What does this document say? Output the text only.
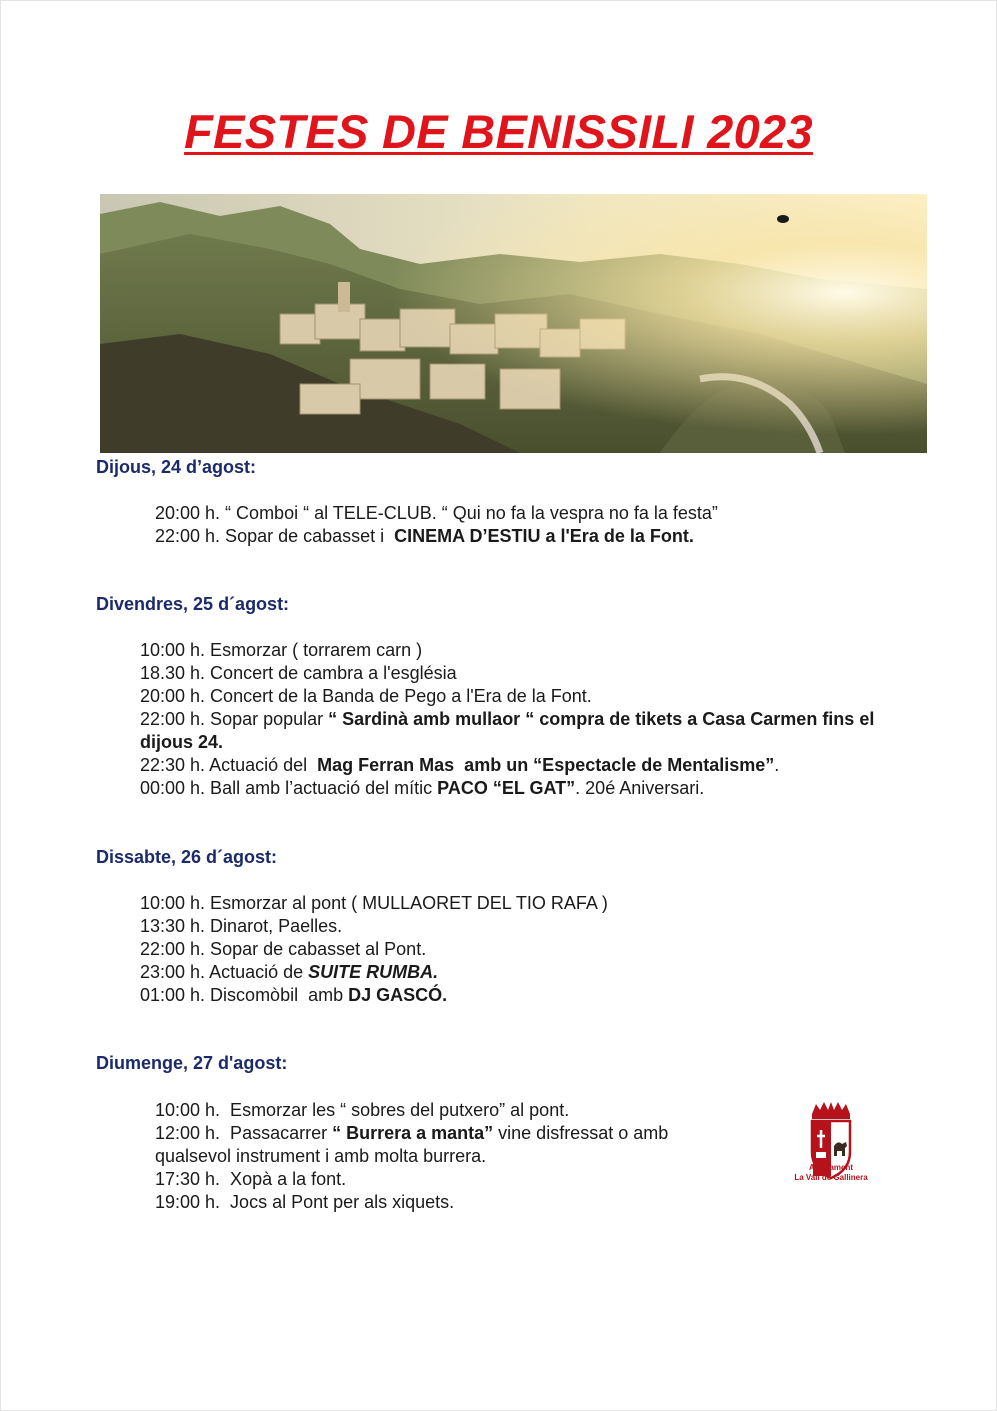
FESTES DE BENISSILI 2023
Dijous, 24 d’agost:
20:00 h. “ Comboi “ al TELE-CLUB. “ Qui no fa la vespra no fa la festa”
22:00 h. Sopar de cabasset i  CINEMA D’ESTIU a l'Era de la Font.
Divendres, 25 d´agost:
10:00 h. Esmorzar ( torrarem carn )
18.30 h. Concert de cambra a l'església
20:00 h. Concert de la Banda de Pego a l'Era de la Font.
22:00 h. Sopar popular “ Sardinà amb mullaor “ compra de tikets a Casa Carmen fins el dijous 24.
22:30 h. Actuació del  Mag Ferran Mas  amb un “Espectacle de Mentalisme”.
00:00 h. Ball amb l’actuació del mític PACO “EL GAT”. 20é Aniversari.
Dissabte, 26 d´agost:
10:00 h. Esmorzar al pont ( MULLAORET DEL TIO RAFA )
13:30 h. Dinarot, Paelles.
22:00 h. Sopar de cabasset al Pont.
23:00 h. Actuació de SUITE RUMBA.
01:00 h. Discomòbil  amb DJ GASCÓ.
Diumenge, 27 d'agost:
10:00 h.  Esmorzar les “ sobres del putxero” al pont.
12:00 h.  Passacarrer “ Burrera a manta” vine disfressat o amb qualsevol instrument i amb molta burrera.
17:30 h.  Xopà a la font.
19:00 h.  Jocs al Pont per als xiquets.
Ajuntament
La Vall de Gallinera
